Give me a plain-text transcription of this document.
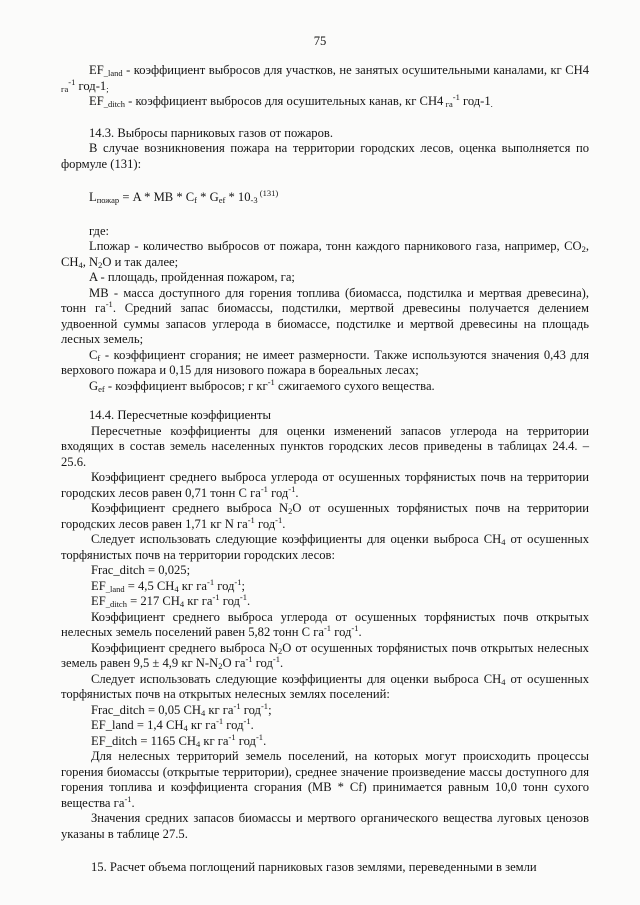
75

$EF_{\_land}$ - коэффициент выбросов для участков, не занятых осушительными каналами, кг CH4 $_{га}^{-1}$ год-$1_;$

$EF_{\_ditch}$ - коэффициент выбросов для осушительных канав, кг CH4 $_{га}^{-1}$ год-$1_.$

14.3. Выбросы парниковых газов от пожаров.

В случае возникновения пожара на территории городских лесов, оценка выполняется по формуле (131):

$L_{пожар} = A$ * MB * $C_f * G_{ef} * 10_{-3}$ $^{(131)}$

где:

Lпожар - количество выбросов от пожара, тонн каждого парникового газа, например, $CO_2$, $CH_4$, $N_2O$ и так далее;

A - площадь, пройденная пожаром, га;

MB - масса доступного для горения топлива (биомасса, подстилка и мертвая древесина), тонн $га^{-1}$. Средний запас биомассы, подстилки, мертвой древесины получается делением удвоенной суммы запасов углерода в биомассе, подстилке и мертвой древесины на площадь лесных земель;

$C_f$ - коэффициент сгорания; не имеет размерности. Также используются значения 0,43 для верхового пожара и 0,15 для низового пожара в бореальных лесах;

$G_{ef}$ - коэффициент выбросов; г $кг^{-1}$ сжигаемого сухого вещества.

14.4. Пересчетные коэффициенты

Пересчетные коэффициенты для оценки изменений запасов углерода на территории входящих в состав земель населенных пунктов городских лесов приведены в таблицах 24.4. – 25.6.

Коэффициент среднего выброса углерода от осушенных торфянистых почв на территории городских лесов равен 0,71 тонн C $га^{-1}$ год$^{-1}$.

Коэффициент среднего выброса $N_2O$ от осушенных торфянистых почв на территории городских лесов равен 1,71 кг N $га^{-1}$ год$^{-1}$.

Следует использовать следующие коэффициенты для оценки выброса $CH_4$ от осушенных торфянистых почв на территории городских лесов:

Frac_ditch = 0,025;

$EF_{\_land} = 4,5$ $CH_4$ кг $га^{-1}$ год$^{-1}$;

$EF_{\_ditch} = 217$ $CH_4$ кг $га^{-1}$ год$^{-1}$.

Коэффициент среднего выброса углерода от осушенных торфянистых почв открытых нелесных земель поселений равен 5,82 тонн C $га^{-1}$ год$^{-1}$.

Коэффициент среднего выброса $N_2O$ от осушенных торфянистых почв открытых нелесных земель равен 9,5 ± 4,9 кг $N-N_2O$ $га^{-1}$ год$^{-1}$.

Следует использовать следующие коэффициенты для оценки выброса $CH_4$ от осушенных торфянистых почв на открытых нелесных землях поселений:

Frac_ditch = 0,05 $CH_4$ кг $га^{-1}$ год$^{-1}$;

EF_land = 1,4 $CH_4$ кг $га^{-1}$ год$^{-1}$.

EF_ditch = 1165 $CH_4$ кг $га^{-1}$ год$^{-1}$.

Для нелесных территорий земель поселений, на которых могут происходить процессы горения биомассы (открытые территории), среднее значение произведение массы доступного для горения топлива и коэффициента сгорания (MB * Cf) принимается равным 10,0 тонн сухого вещества $га^{-1}$.

Значения средних запасов биомассы и мертвого органического вещества луговых ценозов указаны в таблице 27.5.

15. Расчет объема поглощений парниковых газов землями, переведенными в земли
